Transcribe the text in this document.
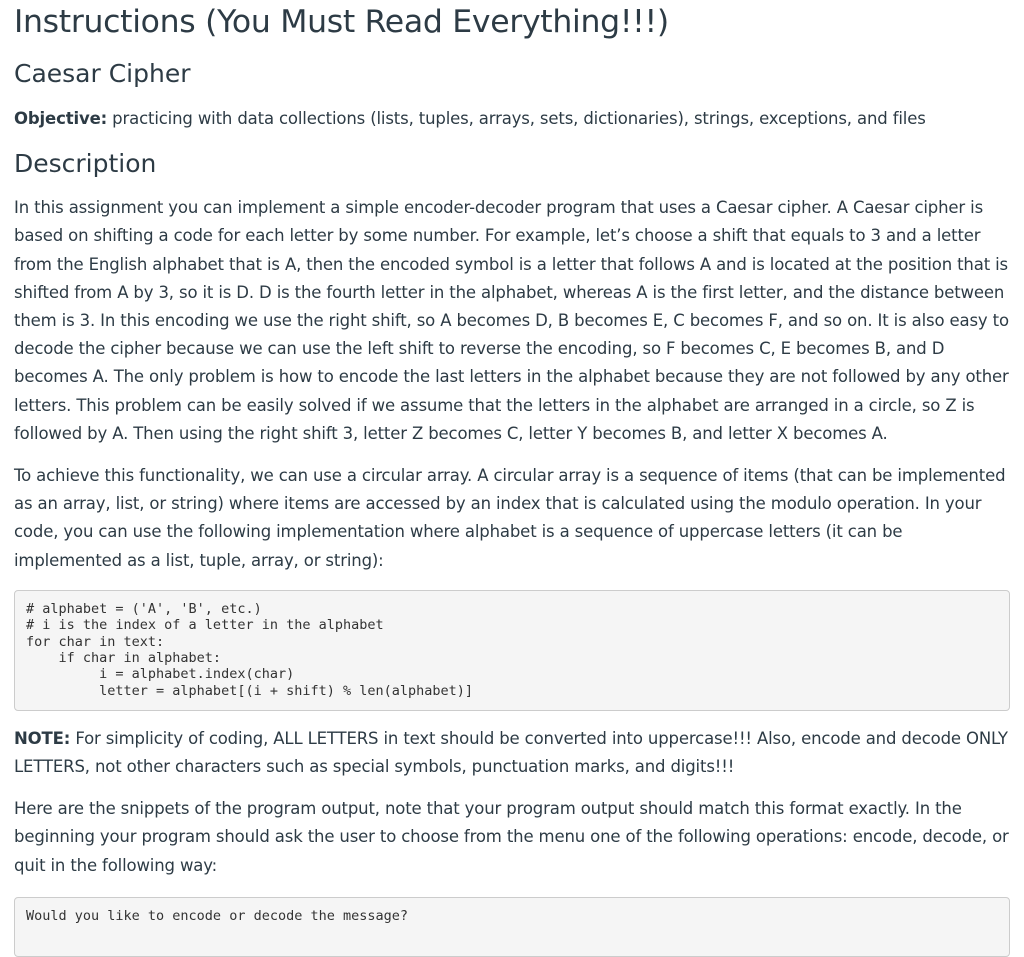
Instructions (You Must Read Everything!!!)
Caesar Cipher

Objective: practicing with data collections (lists, tuples, arrays, sets, dictionaries), strings, exceptions, and files

Description

In this assignment you can implement a simple encoder-decoder program that uses a Caesar cipher. A Caesar cipher is based on shifting a code for each letter by some number. For example, let’s choose a shift that equals to 3 and a letter from the English alphabet that is A, then the encoded symbol is a letter that follows A and is located at the position that is shifted from A by 3, so it is D. D is the fourth letter in the alphabet, whereas A is the first letter, and the distance between them is 3. In this encoding we use the right shift, so A becomes D, B becomes E, C becomes F, and so on. It is also easy to decode the cipher because we can use the left shift to reverse the encoding, so F becomes C, E becomes B, and D becomes A. The only problem is how to encode the last letters in the alphabet because they are not followed by any other letters. This problem can be easily solved if we assume that the letters in the alphabet are arranged in a circle, so Z is followed by A. Then using the right shift 3, letter Z becomes C, letter Y becomes B, and letter X becomes A.

To achieve this functionality, we can use a circular array. A circular array is a sequence of items (that can be implemented as an array, list, or string) where items are accessed by an index that is calculated using the modulo operation. In your code, you can use the following implementation where alphabet is a sequence of uppercase letters (it can be implemented as a list, tuple, array, or string):

# alphabet = ('A', 'B', etc.)
# i is the index of a letter in the alphabet
for char in text:
if char in alphabet:
i = alphabet.index(char)
letter = alphabet[(i + shift) % len(alphabet)]

NOTE: For simplicity of coding, ALL LETTERS in text should be converted into uppercase!!! Also, encode and decode ONLY LETTERS, not other characters such as special symbols, punctuation marks, and digits!!!

Here are the snippets of the program output, note that your program output should match this format exactly. In the beginning your program should ask the user to choose from the menu one of the following operations: encode, decode, or quit in the following way:

Would you like to encode or decode the message?
